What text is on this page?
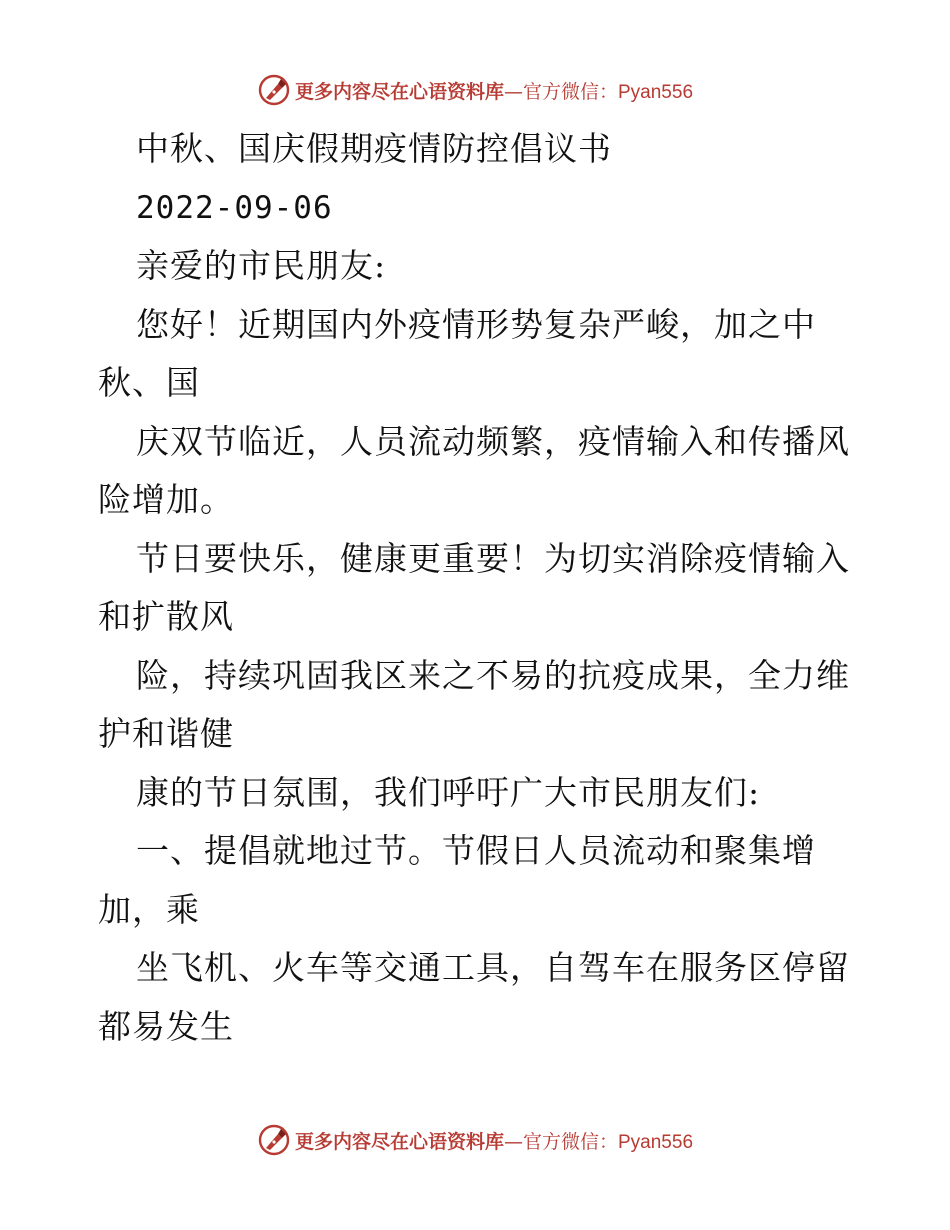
更多内容尽在心语资料库—官方微信：Pyan556
中秋、国庆假期疫情防控倡议书
2022-09-06
亲爱的市民朋友:
您好！近期国内外疫情形势复杂严峻，加之中
秋、国
庆双节临近，人员流动频繁，疫情输入和传播风
险增加。
节日要快乐，健康更重要！为切实消除疫情输入
和扩散风
险，持续巩固我区来之不易的抗疫成果，全力维
护和谐健
康的节日氛围，我们呼吁广大市民朋友们:
一、提倡就地过节。节假日人员流动和聚集增
加，乘
坐飞机、火车等交通工具，自驾车在服务区停留
都易发生
更多内容尽在心语资料库—官方微信：Pyan556
